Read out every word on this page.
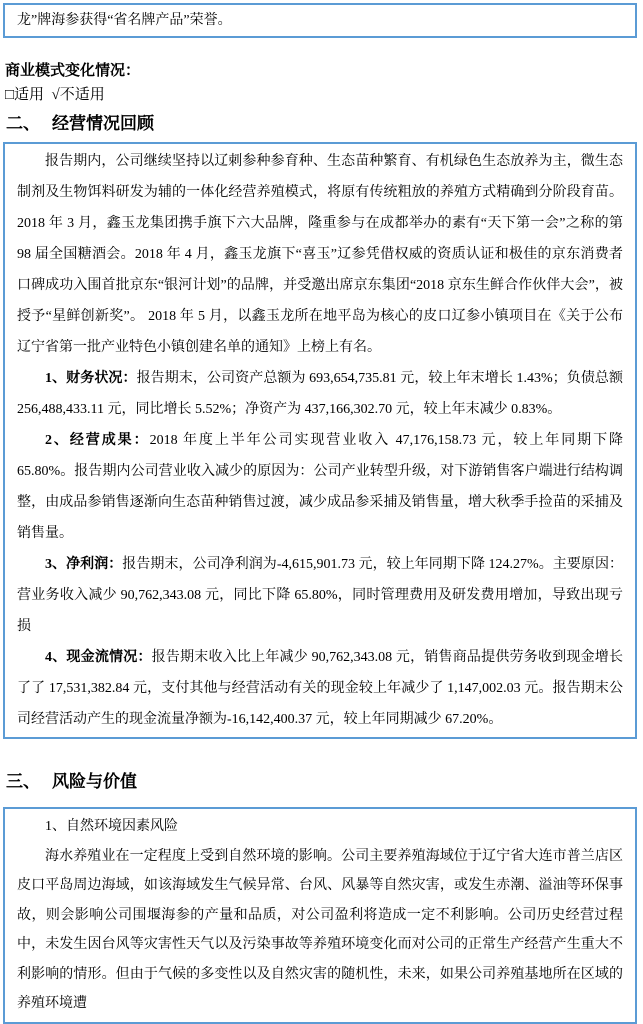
龙”牌海参获得“省名牌产品”荣誉。
商业模式变化情况：
□适用  √不适用
二、 经营情况回顾

报告期内，公司继续坚持以辽刺参种参育种、生态苗种繁育、有机绿色生态放养为主，微生态制剂及生物饵料研发为辅的一体化经营养殖模式，将原有传统粗放的养殖方式精确到分阶段育苗。2018 年 3 月，鑫玉龙集团携手旗下六大品牌，隆重参与在成都举办的素有“天下第一会”之称的第 98 届全国糖酒会。2018 年 4 月，鑫玉龙旗下“喜玉”辽参凭借权威的资质认证和极佳的京东消费者口碑成功入围首批京东“银河计划”的品牌，并受邀出席京东集团“2018 京东生鲜合作伙伴大会”，被授予“星鲜创新奖”。 2018 年 5 月，以鑫玉龙所在地平岛为核心的皮口辽参小镇项目在《关于公布辽宁省第一批产业特色小镇创建名单的通知》上榜上有名。

1、财务状况：报告期末，公司资产总额为 693,654,735.81 元，较上年末增长 1.43%；负债总额 256,488,433.11 元，同比增长 5.52%；净资产为 437,166,302.70 元，较上年末减少 0.83%。

2、经营成果：2018 年度上半年公司实现营业收入 47,176,158.73 元，较上年同期下降 65.80%。报告期内公司营业收入减少的原因为：公司产业转型升级，对下游销售客户端进行结构调整，由成品参销售逐渐向生态苗种销售过渡，减少成品参采捕及销售量，增大秋季手捡苗的采捕及销售量。

3、净利润：报告期末，公司净利润为-4,615,901.73 元，较上年同期下降 124.27%。主要原因：营业务收入减少 90,762,343.08 元，同比下降 65.80%，同时管理费用及研发费用增加，导致出现亏损

4、现金流情况：报告期末收入比上年减少 90,762,343.08 元，销售商品提供劳务收到现金增长了了 17,531,382.84 元，支付其他与经营活动有关的现金较上年减少了 1,147,002.03 元。报告期末公司经营活动产生的现金流量净额为-16,142,400.37 元，较上年同期减少 67.20%。

三、 风险与价值

1、自然环境因素风险

海水养殖业在一定程度上受到自然环境的影响。公司主要养殖海域位于辽宁省大连市普兰店区皮口平岛周边海域，如该海域发生气候异常、台风、风暴等自然灾害，或发生赤潮、溢油等环保事故，则会影响公司围堰海参的产量和品质，对公司盈利将造成一定不利影响。公司历史经营过程中，未发生因台风等灾害性天气以及污染事故等养殖环境变化而对公司的正常生产经营产生重大不利影响的情形。但由于气候的多变性以及自然灾害的随机性，未来，如果公司养殖基地所在区域的养殖环境遭
